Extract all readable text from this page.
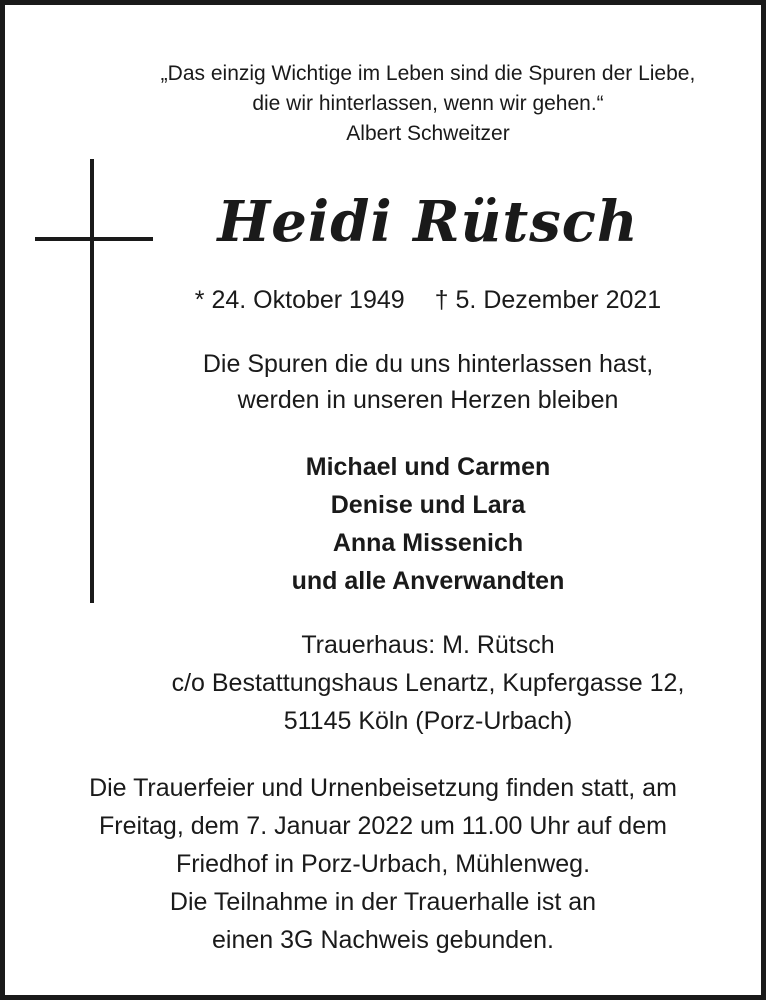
„Das einzig Wichtige im Leben sind die Spuren der Liebe,
die wir hinterlassen, wenn wir gehen.“
Albert Schweitzer
Heidi Rütsch
* 24. Oktober 1949 † 5. Dezember 2021
Die Spuren die du uns hinterlassen hast,
werden in unseren Herzen bleiben
Michael und Carmen
Denise und Lara
Anna Missenich
und alle Anverwandten
Trauerhaus: M. Rütsch
c/o Bestattungshaus Lenartz, Kupfergasse 12,
51145 Köln (Porz-Urbach)
Die Trauerfeier und Urnenbeisetzung finden statt, am
Freitag, dem 7. Januar 2022 um 11.00 Uhr auf dem
Friedhof in Porz-Urbach, Mühlenweg.
Die Teilnahme in der Trauerhalle ist an
einen 3G Nachweis gebunden.
